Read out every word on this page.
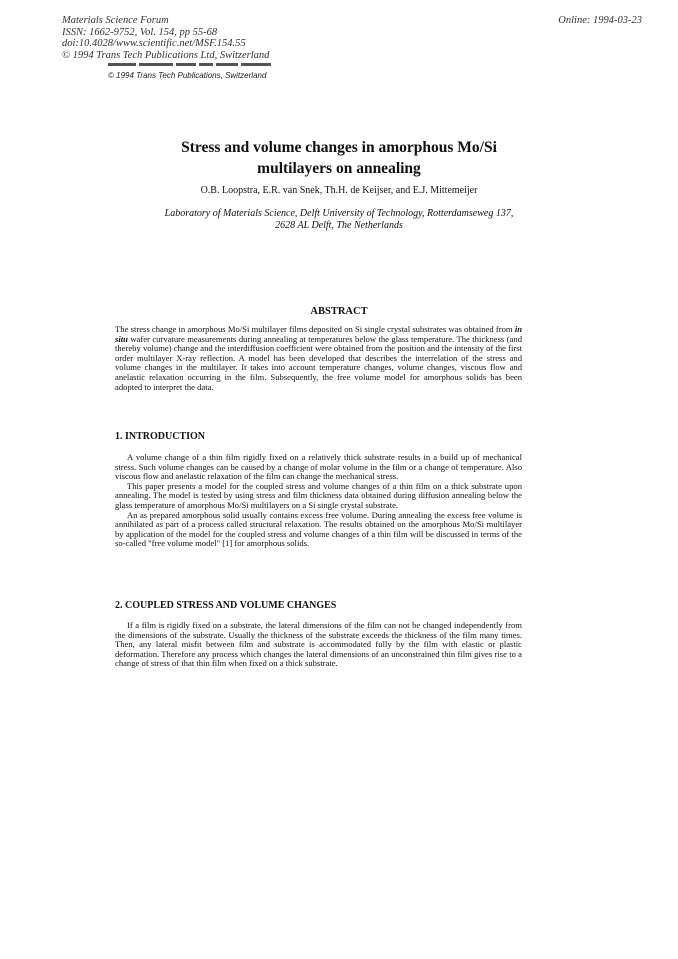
Materials Science Forum
ISSN: 1662-9752, Vol. 154, pp 55-68
doi:10.4028/www.scientific.net/MSF.154.55
© 1994 Trans Tech Publications Ltd, Switzerland
Online: 1994-03-23
© 1994 Trans Tech Publications, Switzerland
Stress and volume changes in amorphous Mo/Si
multilayers on annealing
O.B. Loopstra, E.R. van Snek, Th.H. de Keijser, and E.J. Mittemeijer
Laboratory of Materials Science, Delft University of Technology, Rotterdamseweg 137,
2628 AL Delft, The Netherlands
ABSTRACT

The stress change in amorphous Mo/Si multilayer films deposited on Si single crystal substrates was obtained from in situ wafer curvature measurements during annealing at temperatures below the glass temperature. The thickness (and thereby volume) change and the interdiffusion coefficient were obtained from the position and the intensity of the first order multilayer X-ray reflection. A model has been developed that describes the interrelation of the stress and volume changes in the multilayer. It takes into account temperature changes, volume changes, viscous flow and anelastic relaxation occurring in the film. Subsequently, the free volume model for amorphous solids has been adopted to interpret the data.

1. INTRODUCTION

A volume change of a thin film rigidly fixed on a relatively thick substrate results in a build up of mechanical stress. Such volume changes can be caused by a change of molar volume in the film or a change of temperature. Also viscous flow and anelastic relaxation of the film can change the mechanical stress.

This paper presents a model for the coupled stress and volume changes of a thin film on a thick substrate upon annealing. The model is tested by using stress and film thickness data obtained during diffusion annealing below the glass temperature of amorphous Mo/Si multilayers on a Si single crystal substrate.

An as prepared amorphous solid usually contains excess free volume. During annealing the excess free volume is annihilated as part of a process called structural relaxation. The results obtained on the amorphous Mo/Si multilayer by application of the model for the coupled stress and volume changes of a thin film will be discussed in terms of the so-called "free volume model" [1] for amorphous solids.

2. COUPLED STRESS AND VOLUME CHANGES

If a film is rigidly fixed on a substrate, the lateral dimensions of the film can not be changed independently from the dimensions of the substrate. Usually the thickness of the substrate exceeds the thickness of the film many times. Then, any lateral misfit between film and substrate is accommodated fully by the film with elastic or plastic deformation. Therefore any process which changes the lateral dimensions of an unconstrained thin film gives rise to a change of stress of that thin film when fixed on a thick substrate.
